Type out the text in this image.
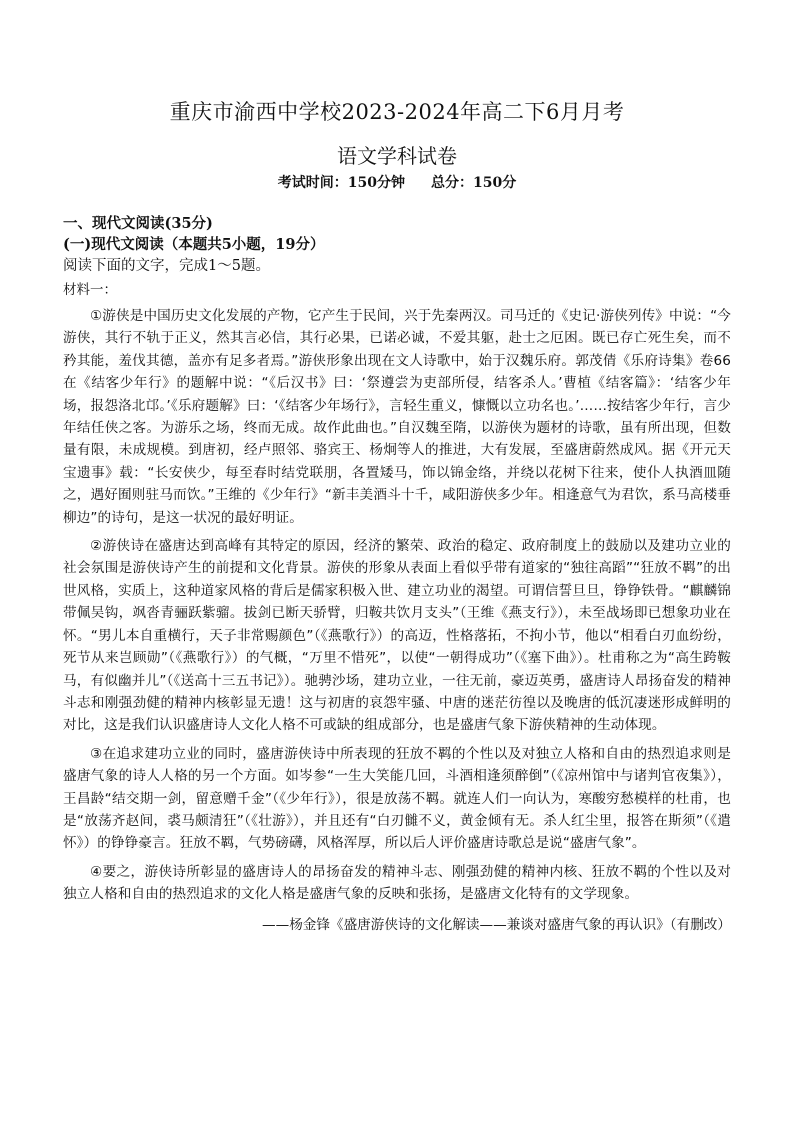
重庆市渝西中学校2023-2024年高二下6月月考
语文学科试卷
考试时间：150分钟 总分：150分

一、现代文阅读(35分)

(一)现代文阅读（本题共5小题，19分）

阅读下面的文字，完成1～5题。

材料一：

①游侠是中国历史文化发展的产物，它产生于民间，兴于先秦两汉。司马迁的《史记·游侠列传》中说：“今游侠，其行不轨于正义，然其言必信，其行必果，已诺必诚，不爱其躯，赴士之厄困。既已存亡死生矣，而不矜其能，羞伐其德，盖亦有足多者焉。”游侠形象出现在文人诗歌中，始于汉魏乐府。郭茂倩《乐府诗集》卷66在《结客少年行》的题解中说：“《后汉书》曰：‘祭遵尝为吏部所侵，结客杀人。’曹植《结客篇》：‘结客少年场，报怨洛北邙。’《乐府题解》曰：‘《结客少年场行》，言轻生重义，慷慨以立功名也。’……按结客少年行，言少年结任侠之客。为游乐之场，终而无成。故作此曲也。”自汉魏至隋，以游侠为题材的诗歌，虽有所出现，但数量有限，未成规模。到唐初，经卢照邻、骆宾王、杨炯等人的推进，大有发展，至盛唐蔚然成风。据《开元天宝遗事》载：“长安侠少，每至春时结党联朋，各置矮马，饰以锦金络，并绕以花树下往来，使仆人执酒皿随之，遇好囿则驻马而饮。”王维的《少年行》“新丰美酒斗十千，咸阳游侠多少年。相逢意气为君饮，系马高楼垂柳边”的诗句，是这一状况的最好明证。

②游侠诗在盛唐达到高峰有其特定的原因，经济的繁荣、政治的稳定、政府制度上的鼓励以及建功立业的社会氛围是游侠诗产生的前提和文化背景。游侠的形象从表面上看似乎带有道家的“独往高蹈”“狂放不羁”的出世风格，实质上，这种道家风格的背后是儒家积极入世、建立功业的渴望。可谓信誓旦旦，铮铮铁骨。“麒麟锦带佩吴钩，飒沓青骊跃紫骝。拔剑已断天骄臂，归鞍共饮月支头”（王维《燕支行》），未至战场即已想象功业在怀。“男儿本自重横行，天子非常赐颜色”（《燕歌行》）的高迈，性格落拓，不拘小节，他以“相看白刃血纷纷，死节从来岂顾勋”（《燕歌行》）的气概，“万里不惜死”，以使“一朝得成功”（《塞下曲》）。杜甫称之为“高生跨鞍马，有似幽并儿”（《送高十三五书记》）。驰骋沙场，建功立业，一往无前，豪迈英勇，盛唐诗人昂扬奋发的精神斗志和刚强劲健的精神内核彰显无遗！这与初唐的哀怨牢骚、中唐的迷茫彷徨以及晚唐的低沉凄迷形成鲜明的对比，这是我们认识盛唐诗人文化人格不可或缺的组成部分，也是盛唐气象下游侠精神的生动体现。

③在追求建功立业的同时，盛唐游侠诗中所表现的狂放不羁的个性以及对独立人格和自由的热烈追求则是盛唐气象的诗人人格的另一个方面。如岑参“一生大笑能几回，斗酒相逢须醉倒”（《凉州馆中与诸判官夜集》），王昌龄“结交期一剑，留意赠千金”（《少年行》），很是放荡不羁。就连人们一向认为，寒酸穷愁模样的杜甫，也是“放荡齐赵间，裘马颇清狂”（《壮游》），并且还有“白刃雠不义，黄金倾有无。杀人红尘里，报答在斯须”（《遣怀》）的铮铮豪言。狂放不羁，气势磅礴，风格浑厚，所以后人评价盛唐诗歌总是说“盛唐气象”。

④要之，游侠诗所彰显的盛唐诗人的昂扬奋发的精神斗志、刚强劲健的精神内核、狂放不羁的个性以及对独立人格和自由的热烈追求的文化人格是盛唐气象的反映和张扬，是盛唐文化特有的文学现象。

——杨金锋《盛唐游侠诗的文化解读——兼谈对盛唐气象的再认识》（有删改）
